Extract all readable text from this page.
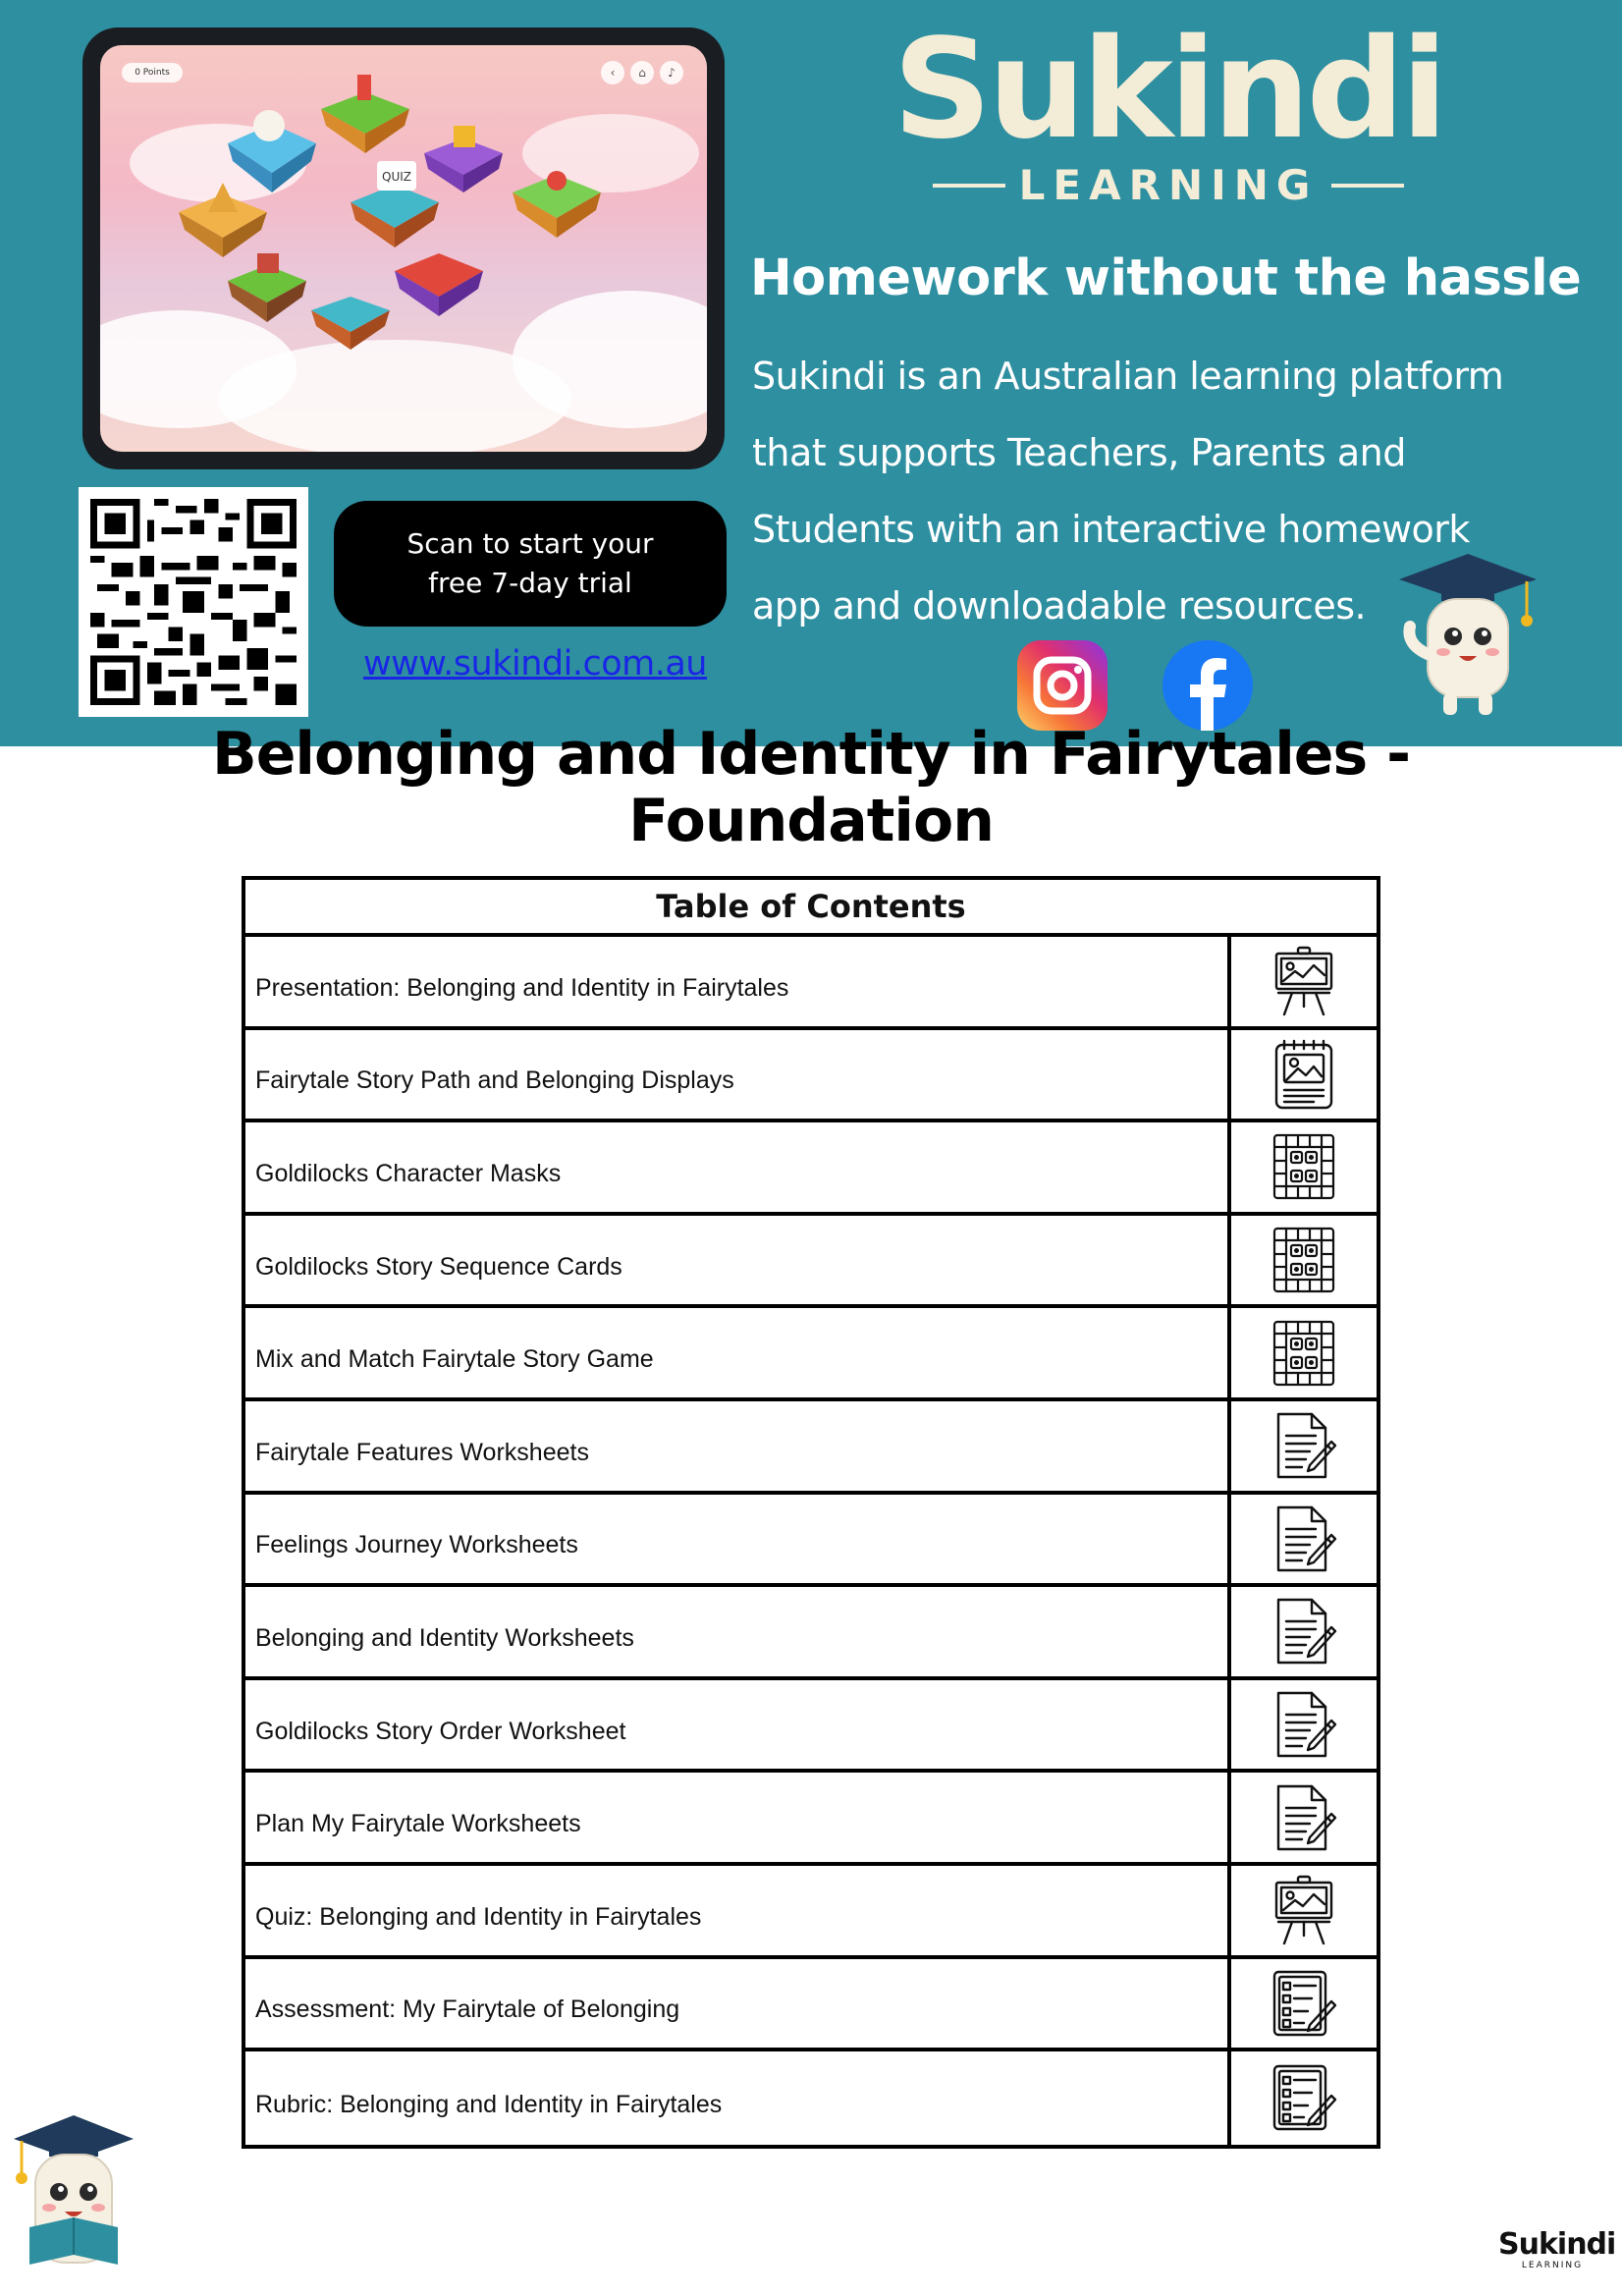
QUIZ
0 Points	‹	⌂	♪
Scan to start your
free 7-day trial
www.sukindi.com.au
Sukindi
LEARNING
Homework without the hassle
Sukindi is an Australian learning platform
that supports Teachers, Parents and
Students with an interactive homework
app and downloadable resources.
Belonging and Identity in Fairytales -
Foundation
Table of Contents
Presentation: Belonging and Identity in Fairytales
Fairytale Story Path and Belonging Displays
Goldilocks Character Masks
Goldilocks Story Sequence Cards
Mix and Match Fairytale Story Game
Fairytale Features Worksheets
Feelings Journey Worksheets
Belonging and Identity Worksheets
Goldilocks Story Order Worksheet
Plan My Fairytale Worksheets
Quiz: Belonging and Identity in Fairytales
Assessment: My Fairytale of Belonging
Rubric: Belonging and Identity in Fairytales
Sukindi
LEARNING
